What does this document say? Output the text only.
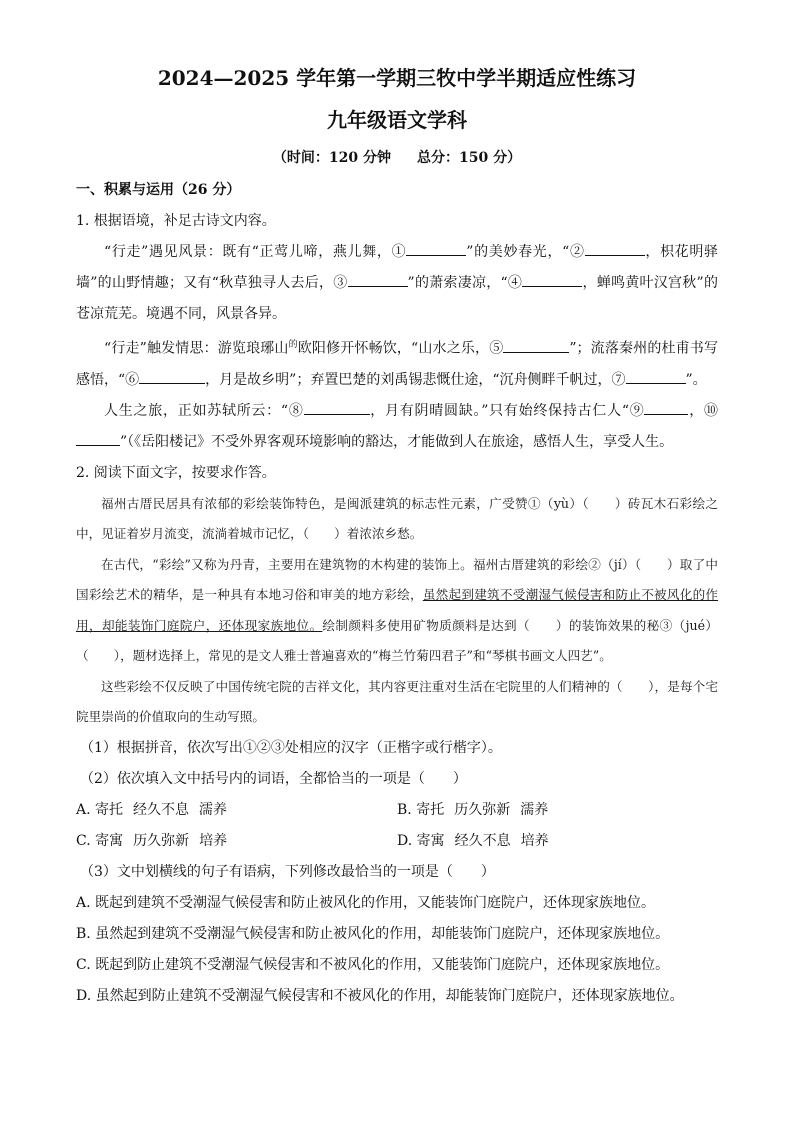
2024—2025 学年第一学期三牧中学半期适应性练习
九年级语文学科
（时间：120 分钟 总分：150 分）
一、积累与运用（26 分）
1. 根据语境，补足古诗文内容。
“行走”遇见风景：既有“正莺儿啼，燕儿舞，①	”的美妙春光，“②	，枳花明驿墙”的山野情趣；又有“秋草独寻人去后，③	”的萧索凄凉，“④	，蝉鸣黄叶汉宫秋”的苍凉荒芜。境遇不同，风景各异。
“行走”触发情思：游览琅琊山$^的$欧阳修开怀畅饮，“山水之乐，⑤	”；流落秦州的杜甫书写感悟，“⑥	，月是故乡明”；弃置巴楚的刘禹锡悲慨仕途，“沉舟侧畔千帆过，⑦	”。
人生之旅，正如苏轼所云：“⑧	，月有阴晴圆缺。”只有始终保持古仁人“⑨	，⑩”（《岳阳楼记》不受外界客观环境影响的豁达，才能做到人在旅途，感悟人生，享受人生。
2. 阅读下面文字，按要求作答。
福州古厝民居具有浓郁的彩绘装饰特色，是闽派建筑的标志性元素，广受赞①（yù）（　　）砖瓦木石彩绘之中，见证着岁月流变，流淌着城市记忆，（　　）着浓浓乡愁。
在古代，“彩绘”又称为丹青，主要用在建筑物的木构建的装饰上。福州古厝建筑的彩绘②（jí）（　　）取了中国彩绘艺术的精华，是一种具有本地习俗和审美的地方彩绘，虽然起到建筑不受潮湿气候侵害和防止不被风化的作用，却能装饰门庭院户，还体现家族地位。绘制颜料多使用矿物质颜料是达到（　　）的装饰效果的秘③（jué）（　　），题材选择上，常见的是文人雅士普遍喜欢的“梅兰竹菊四君子”和“琴棋书画文人四艺”。
这些彩绘不仅反映了中国传统宅院的吉祥文化，其内容更注重对生活在宅院里的人们精神的（　　），是每个宅院里崇尚的价值取向的生动写照。
（1）根据拼音，依次写出①②③处相应的汉字（正楷字或行楷字）。
（2）依次填入文中括号内的词语，全都恰当的一项是（　　）
A. 寄托 经久不息 濡养	B. 寄托 历久弥新 濡养
C. 寄寓 历久弥新 培养	D. 寄寓 经久不息 培养
（3）文中划横线的句子有语病，下列修改最恰当的一项是（　　）
A. 既起到建筑不受潮湿气候侵害和防止被风化的作用，又能装饰门庭院户，还体现家族地位。
B. 虽然起到建筑不受潮湿气候侵害和防止被风化的作用，却能装饰门庭院户，还体现家族地位。
C. 既起到防止建筑不受潮湿气候侵害和不被风化的作用，又能装饰门庭院户，还体现家族地位。
D. 虽然起到防止建筑不受潮湿气候侵害和不被风化的作用，却能装饰门庭院户，还体现家族地位。
